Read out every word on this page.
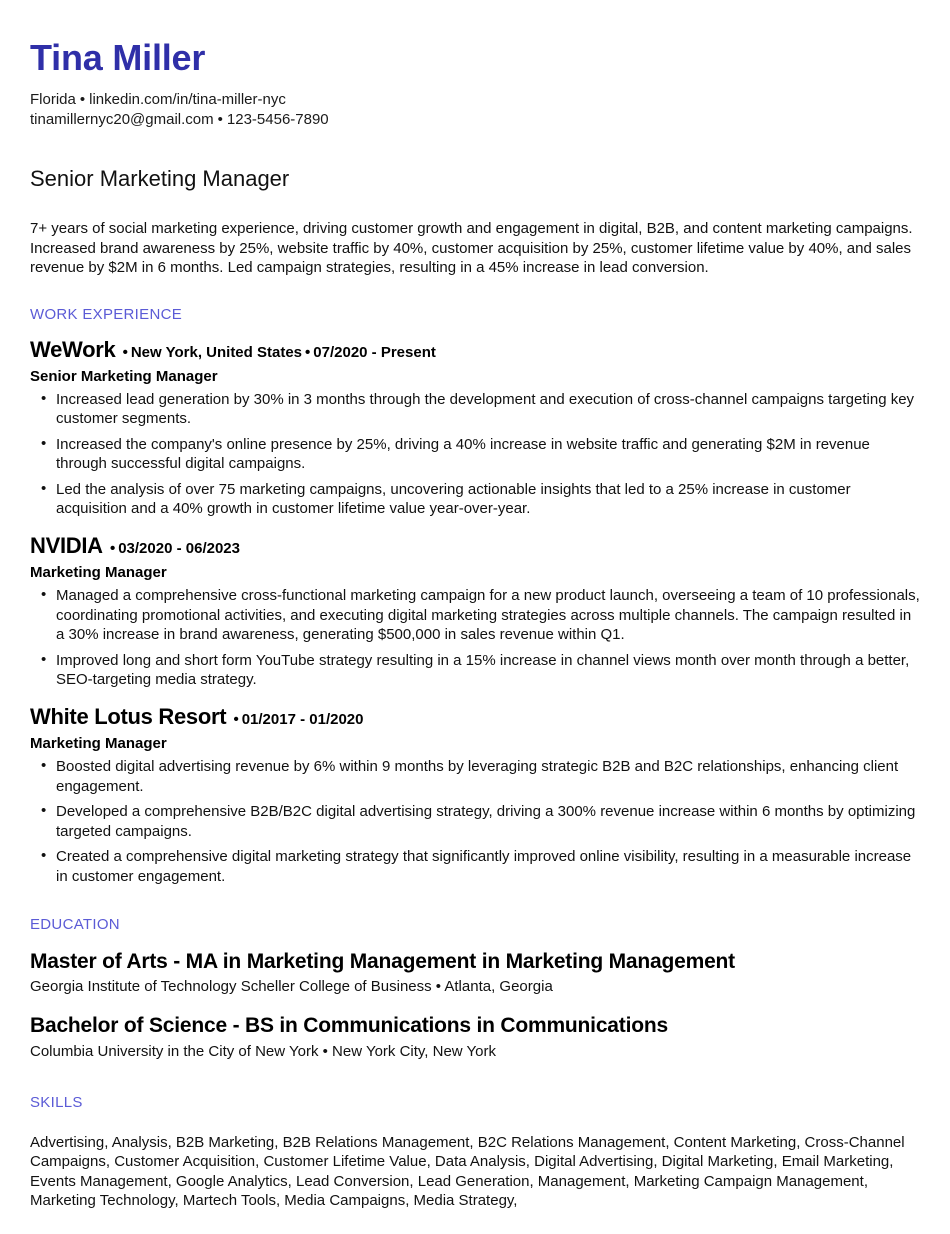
Tina Miller
Florida • linkedin.com/in/tina-miller-nyc
tinamillernyc20@gmail.com • 123-5456-7890
Senior Marketing Manager

7+ years of social marketing experience, driving customer growth and engagement in digital, B2B, and content marketing campaigns. Increased brand awareness by 25%, website traffic by 40%, customer acquisition by 25%, customer lifetime value by 40%, and sales revenue by $2M in 6 months. Led campaign strategies, resulting in a 45% increase in lead conversion.

WORK EXPERIENCE
WeWork • New York, United States • 07/2020 - Present
Senior Marketing Manager
• Increased lead generation by 30% in 3 months through the development and execution of cross-channel campaigns targeting key customer segments.
• Increased the company's online presence by 25%, driving a 40% increase in website traffic and generating $2M in revenue through successful digital campaigns.
• Led the analysis of over 75 marketing campaigns, uncovering actionable insights that led to a 25% increase in customer acquisition and a 40% growth in customer lifetime value year-over-year.
NVIDIA • 03/2020 - 06/2023
Marketing Manager
• Managed a comprehensive cross-functional marketing campaign for a new product launch, overseeing a team of 10 professionals, coordinating promotional activities, and executing digital marketing strategies across multiple channels. The campaign resulted in a 30% increase in brand awareness, generating $500,000 in sales revenue within Q1.
• Improved long and short form YouTube strategy resulting in a 15% increase in channel views month over month through a better, SEO-targeting media strategy.
White Lotus Resort • 01/2017 - 01/2020
Marketing Manager
• Boosted digital advertising revenue by 6% within 9 months by leveraging strategic B2B and B2C relationships, enhancing client engagement.
• Developed a comprehensive B2B/B2C digital advertising strategy, driving a 300% revenue increase within 6 months by optimizing targeted campaigns.
• Created a comprehensive digital marketing strategy that significantly improved online visibility, resulting in a measurable increase in customer engagement.
EDUCATION
Master of Arts - MA in Marketing Management in Marketing Management
Georgia Institute of Technology Scheller College of Business • Atlanta, Georgia
Bachelor of Science - BS in Communications in Communications
Columbia University in the City of New York • New York City, New York
SKILLS
Advertising, Analysis, B2B Marketing, B2B Relations Management, B2C Relations Management, Content Marketing, Cross-Channel Campaigns, Customer Acquisition, Customer Lifetime Value, Data Analysis, Digital Advertising, Digital Marketing, Email Marketing, Events Management, Google Analytics, Lead Conversion, Lead Generation, Management, Marketing Campaign Management, Marketing Technology, Martech Tools, Media Campaigns, Media Strategy,
